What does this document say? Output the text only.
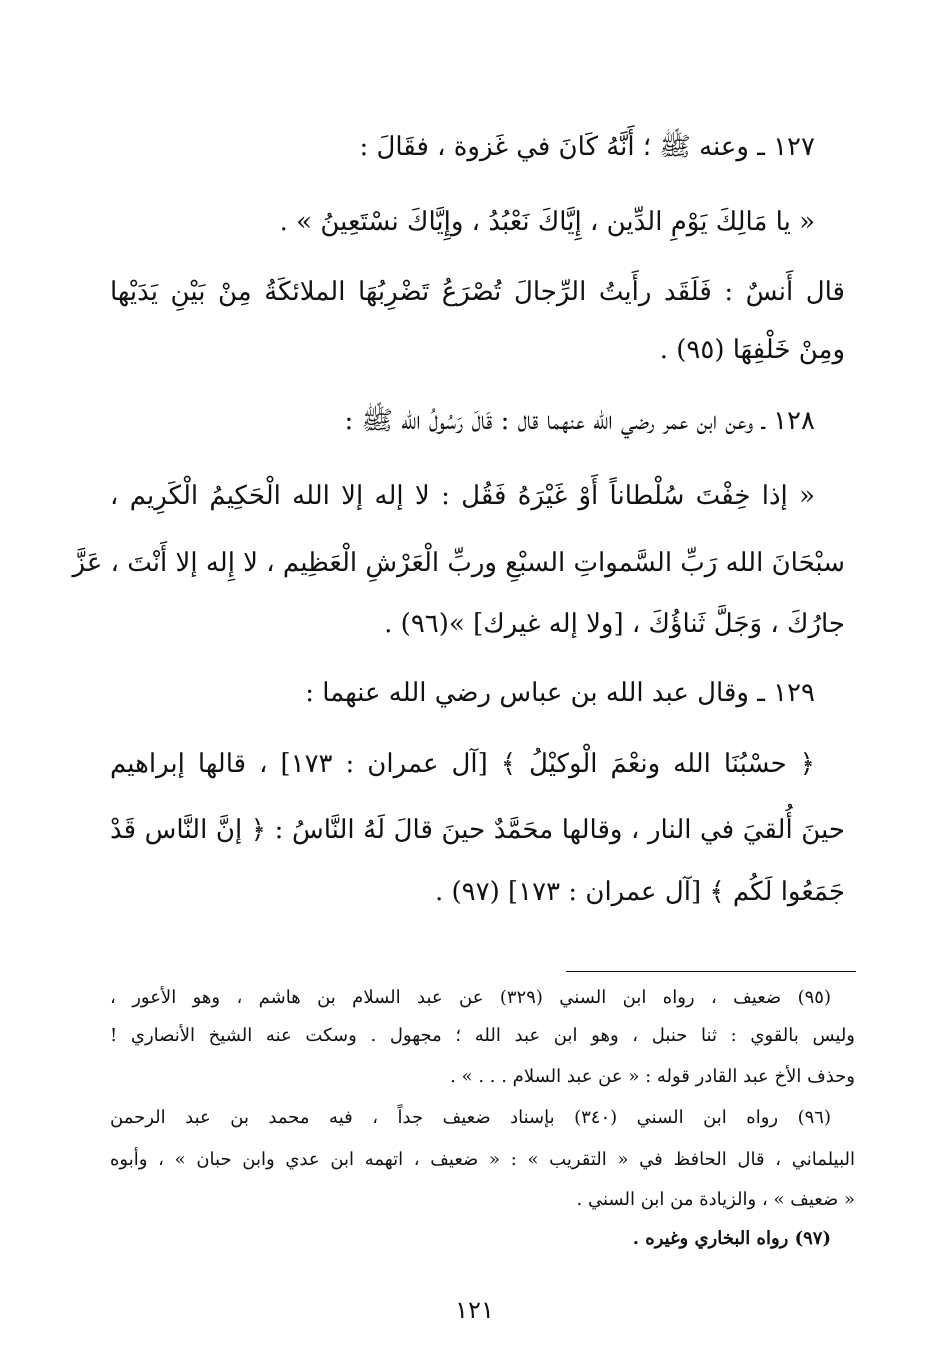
١٢٧ ـ وعنه ﷺ ؛ أَنَّهُ كَانَ في غَزوة ، فقَالَ :
« يا مَالِكَ يَوْمِ الدِّين ، إِيَّاكَ نَعْبُدُ ، وإِيَّاكَ نسْتَعِينُ » .
قال أَنسٌ : فَلَقَد رأَيتُ الرِّجالَ تُصْرَعُ تَضْرِبُهَا الملائكَةُ مِنْ بَيْنِ يَدَيْها
ومِنْ خَلْفِهَا (٩٥) .
١٢٨ ـ وعن ابن عمر رضي الله عنهما قال : قَالَ رَسُولُ الله ﷺ :
« إذا خِفْتَ سُلْطاناً أَوْ غَيْرَهُ فَقُل : لا إله إلا الله الْحَكِيمُ الْكَرِيم ،
سبْحَانَ الله رَبِّ السَّمواتِ السبْعِ وربِّ الْعَرْشِ الْعَظِيم ، لا إِله إلا أَنْتَ ، عَزَّ
جارُكَ ، وَجَلَّ ثَناؤُكَ ، [ولا إله غيرك] »(٩٦) .
١٢٩ ـ وقال عبد الله بن عباس رضي الله عنهما :
﴿ حسْبُنَا الله ونعْمَ الْوكيْلُ ﴾ [آل عمران : ١٧٣] ، قالها إبراهيم
حينَ أُلقيَ في النار ، وقالها محَمَّدٌ حينَ قالَ لَهُ النَّاسُ : ﴿ إنَّ النَّاس قَدْ
جَمَعُوا لَكُم ﴾ [آل عمران : ١٧٣] (٩٧) .
(٩٥) ضعيف ، رواه ابن السني (٣٢٩) عن عبد السلام بن هاشم ، وهو الأعور ،
وليس بالقوي : ثنا حنبل ، وهو ابن عبد الله ؛ مجهول . وسكت عنه الشيخ الأنصاري !
وحذف الأخ عبد القادر قوله : « عن عبد السلام . . . » .
(٩٦) رواه ابن السني (٣٤٠) بإسناد ضعيف جداً ، فيه محمد بن عبد الرحمن
البيلماني ، قال الحافظ في « التقريب » : « ضعيف ، اتهمه ابن عدي وابن حبان » ، وأبوه
« ضعيف » ، والزيادة من ابن السني .
(٩٧) رواه البخاري وغيره .
١٢١
